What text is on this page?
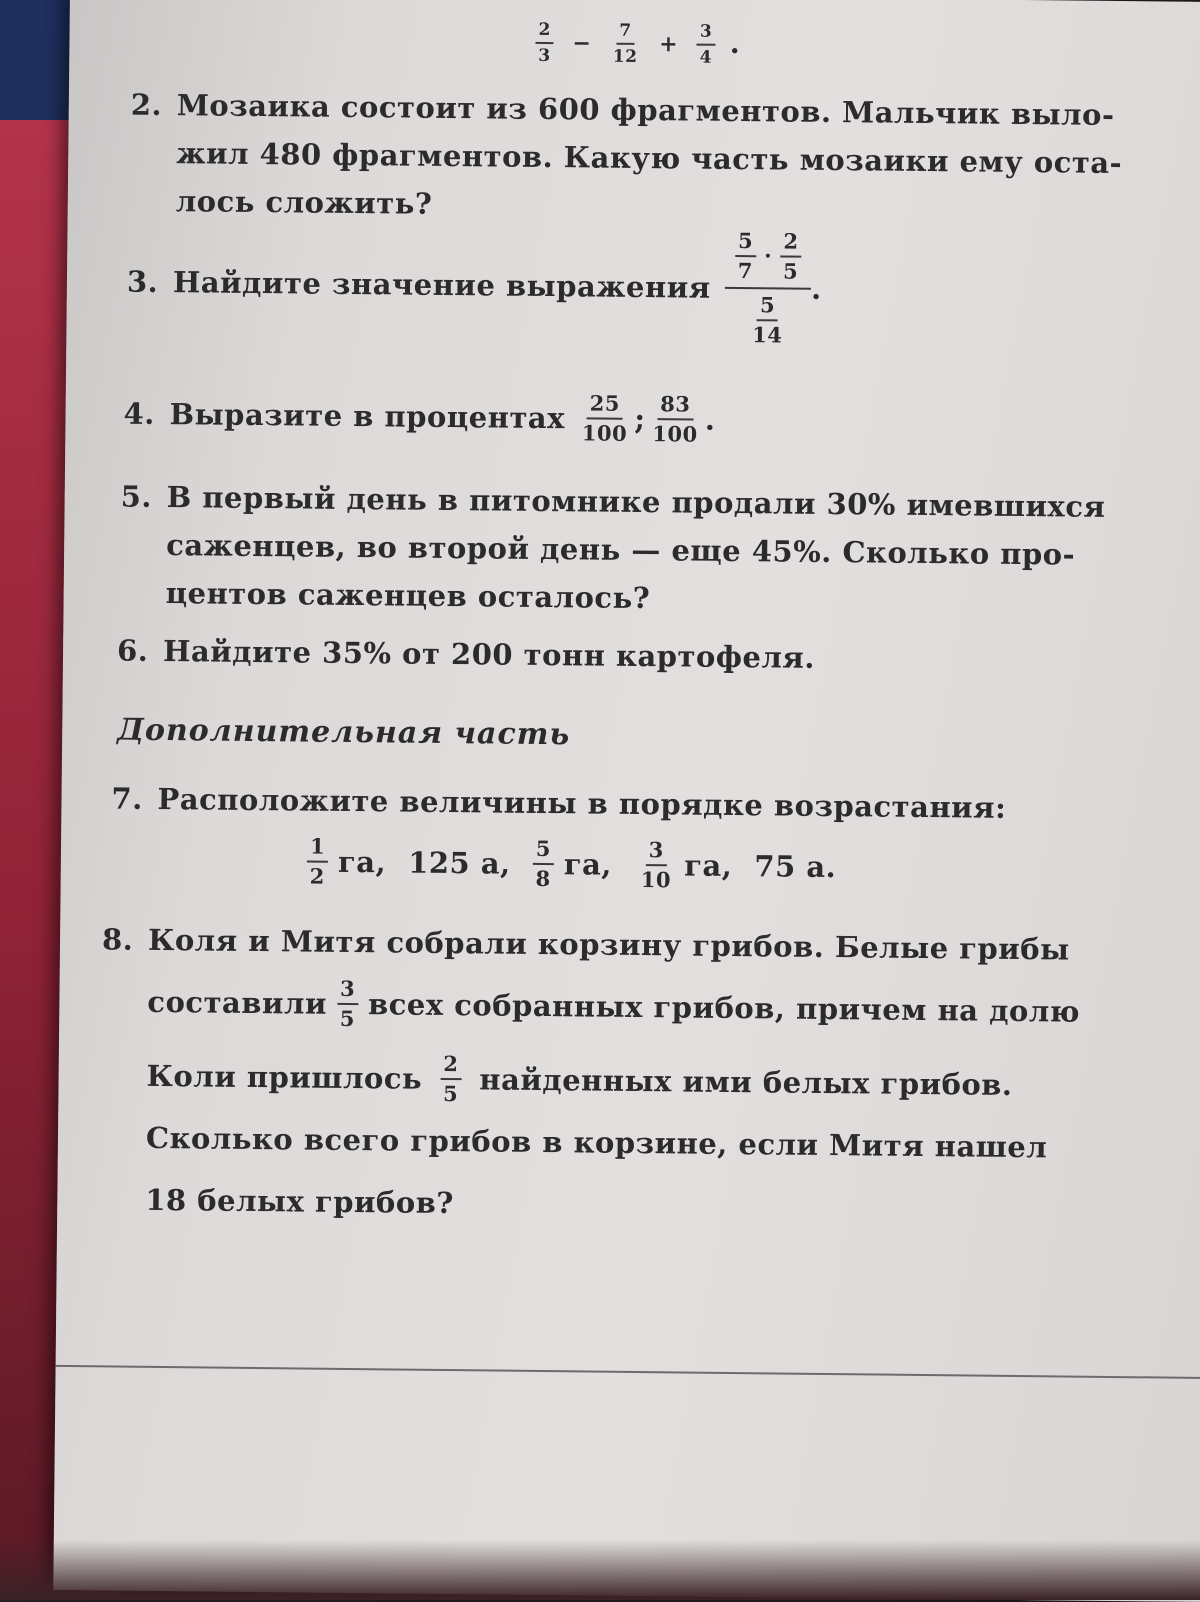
$\frac{2}{3} - \frac{7}{12} + \frac{3}{4}$ .
2. Мозаика состоит из 600 фрагментов. Мальчик выло-
жил 480 фрагментов. Какую часть мозаики ему оста-
лось сложить?
3. Найдите значение выражения
$\frac{5}{7} \cdot \frac{2}{5}$
$\frac{5}{14}$
.
4. Выразите в процентах $\frac{25}{100}$ ; $\frac{83}{100}$ .
5. В первый день в питомнике продали 30% имевшихся
саженцев, во второй день — еще 45%. Сколько про-
центов саженцев осталось?
6. Найдите 35% от 200 тонн картофеля.
Дополнительная часть
7. Расположите величины в порядке возрастания:
$\frac{1}{2}$ га, 125 а, $\frac{5}{8}$ га, $\frac{3}{10}$ га, 75 а.
8. Коля и Митя собрали корзину грибов. Белые грибы
составили $\frac{3}{5}$ всех собранных грибов, причем на долю
Коли пришлось $\frac{2}{5}$ найденных ими белых грибов.
Сколько всего грибов в корзине, если Митя нашел
18 белых грибов?
